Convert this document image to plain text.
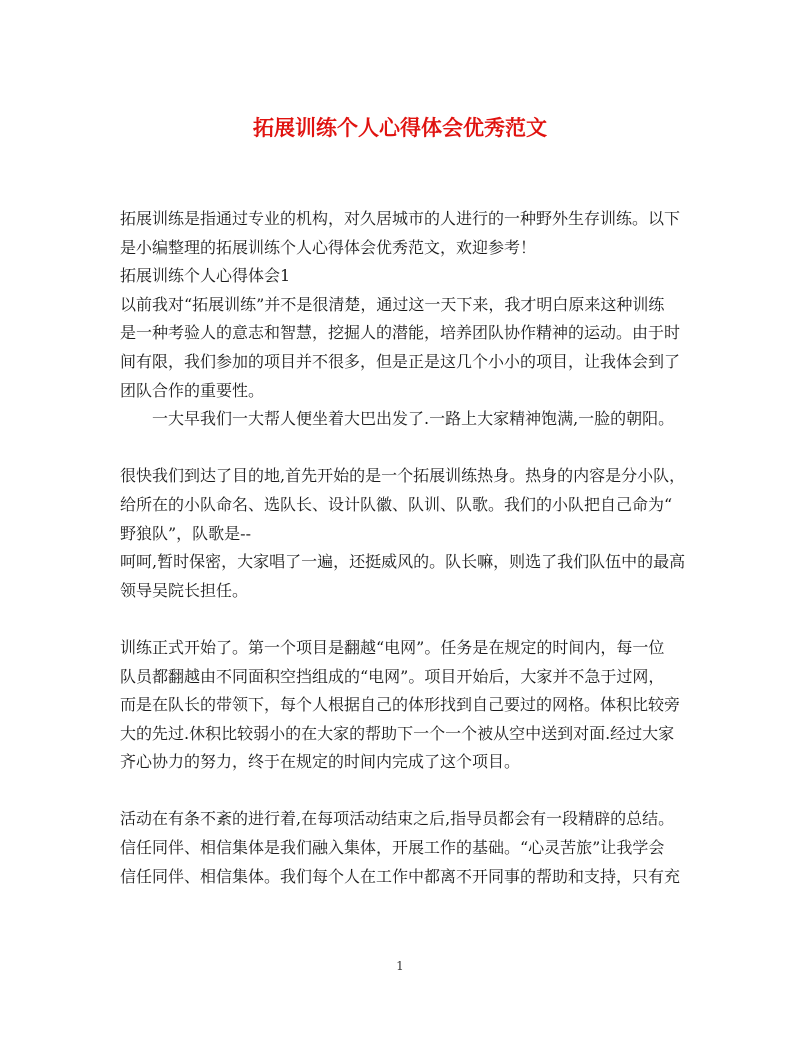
拓展训练个人心得体会优秀范文
拓展训练是指通过专业的机构，对久居城市的人进行的一种野外生存训练。以下
是小编整理的拓展训练个人心得体会优秀范文，欢迎参考！
拓展训练个人心得体会1
以前我对“拓展训练”并不是很清楚，通过这一天下来，我才明白原来这种训练
是一种考验人的意志和智慧，挖掘人的潜能，培养团队协作精神的运动。由于时
间有限，我们参加的项目并不很多，但是正是这几个小小的项目，让我体会到了
团队合作的重要性。
一大早我们一大帮人便坐着大巴出发了.一路上大家精神饱满,一脸的朝阳。
很快我们到达了目的地,首先开始的是一个拓展训练热身。热身的内容是分小队，
给所在的小队命名、选队长、设计队徽、队训、队歌。我们的小队把自己命为“
野狼队”，队歌是--
呵呵,暂时保密，大家唱了一遍，还挺威风的。队长嘛，则选了我们队伍中的最高
领导吴院长担任。
训练正式开始了。第一个项目是翻越“电网”。任务是在规定的时间内，每一位
队员都翻越由不同面积空挡组成的“电网”。项目开始后，大家并不急于过网，
而是在队长的带领下，每个人根据自己的体形找到自己要过的网格。体积比较旁
大的先过.休积比较弱小的在大家的帮助下一个一个被从空中送到对面.经过大家
齐心协力的努力，终于在规定的时间内完成了这个项目。
活动在有条不紊的进行着,在每项活动结束之后,指导员都会有一段精辟的总结。
信任同伴、相信集体是我们融入集体，开展工作的基础。“心灵苦旅”让我学会
信任同伴、相信集体。我们每个人在工作中都离不开同事的帮助和支持，只有充
1
